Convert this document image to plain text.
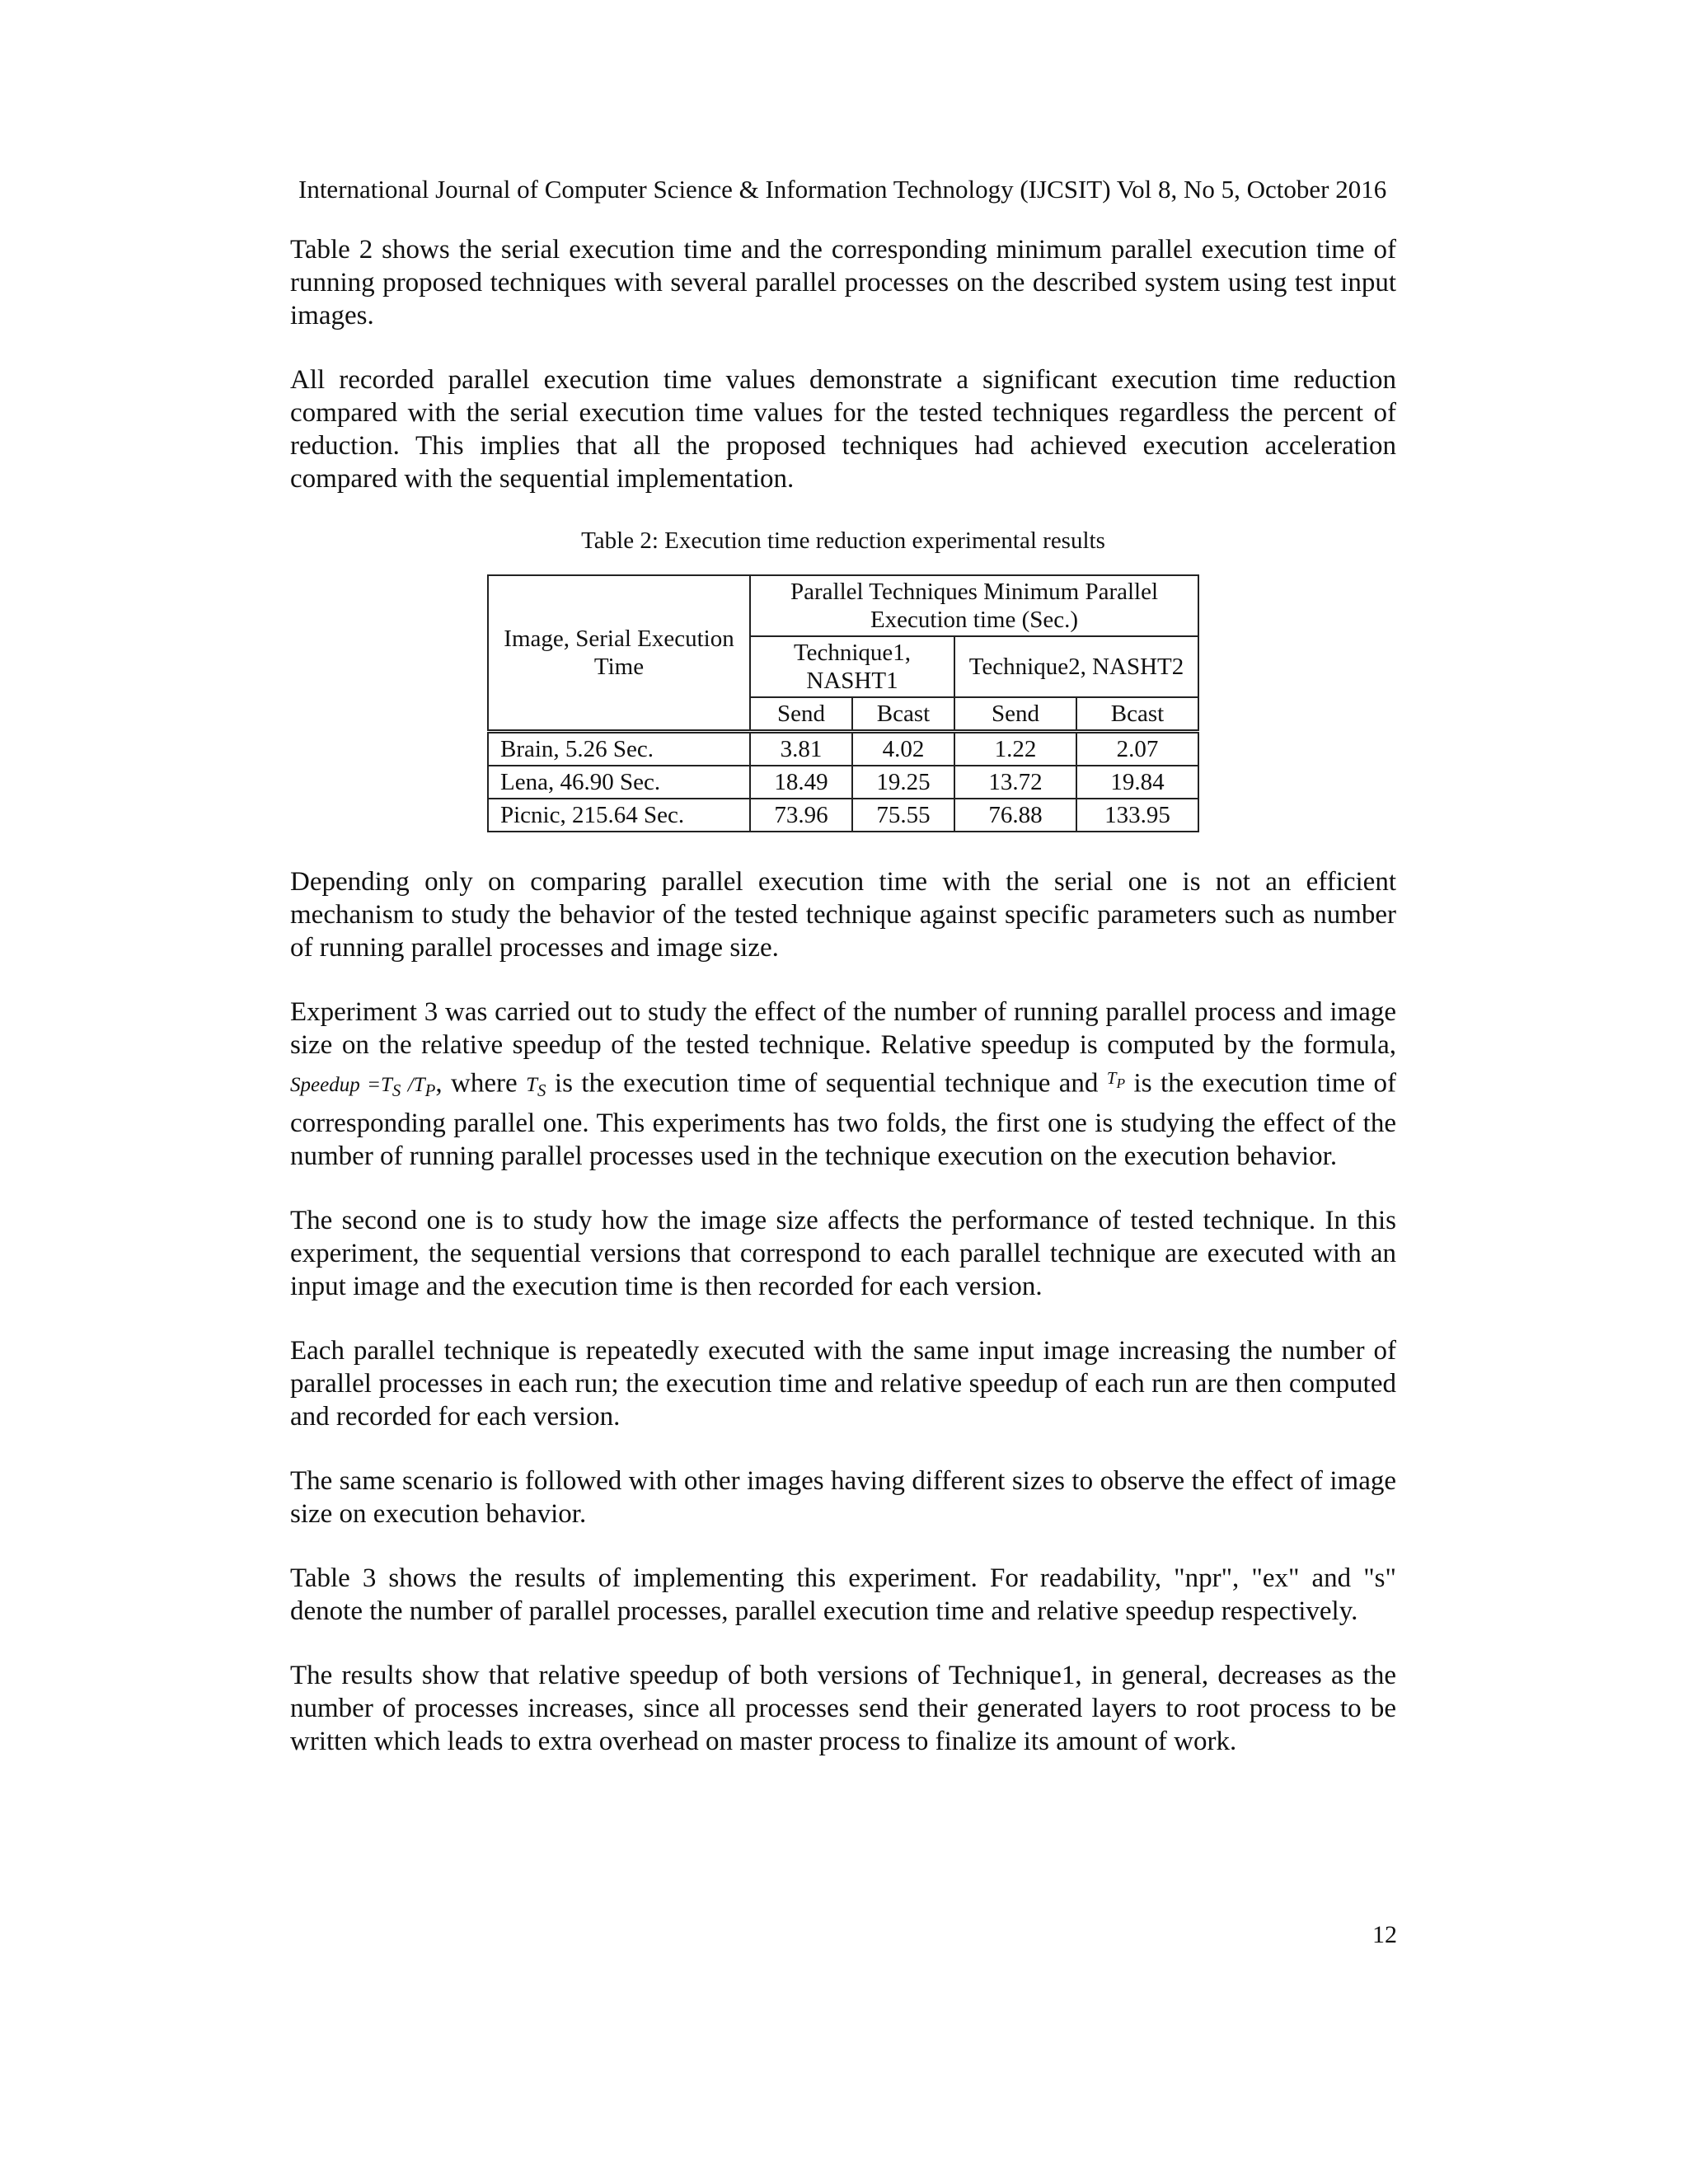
International Journal of Computer Science & Information Technology (IJCSIT) Vol 8, No 5, October 2016

Table 2 shows the serial execution time and the corresponding minimum parallel execution time of running proposed techniques with several parallel processes on the described system using test input images.

All recorded parallel execution time values demonstrate a significant execution time reduction compared with the serial execution time values for the tested techniques regardless the percent of reduction. This implies that all the proposed techniques had achieved execution acceleration compared with the sequential implementation.

Table 2: Execution time reduction experimental results
Image, Serial Execution Time	Parallel Techniques Minimum Parallel Execution time (Sec.)			
	Technique1, NASHT1		Technique2, NASHT2	
	Send	Bcast	Send	Bcast
Brain, 5.26 Sec.	3.81	4.02	1.22	2.07
Lena, 46.90 Sec.	18.49	19.25	13.72	19.84
Picnic, 215.64 Sec.	73.96	75.55	76.88	133.95

Depending only on comparing parallel execution time with the serial one is not an efficient mechanism to study the behavior of the tested technique against specific parameters such as number of running parallel processes and image size.

Experiment 3 was carried out to study the effect of the number of running parallel process and image size on the relative speedup of the tested technique. Relative speedup is computed by the formula, Speedup $=T_S$ $/T_P$, where $T_S$ is the execution time of sequential technique and $^{T_P}$ is the execution time of corresponding parallel one. This experiments has two folds, the first one is studying the effect of the number of running parallel processes used in the technique execution on the execution behavior.

The second one is to study how the image size affects the performance of tested technique. In this experiment, the sequential versions that correspond to each parallel technique are executed with an input image and the execution time is then recorded for each version.

Each parallel technique is repeatedly executed with the same input image increasing the number of parallel processes in each run; the execution time and relative speedup of each run are then computed and recorded for each version.

The same scenario is followed with other images having different sizes to observe the effect of image size on execution behavior.

Table 3 shows the results of implementing this experiment. For readability, "npr", "ex" and "s" denote the number of parallel processes, parallel execution time and relative speedup respectively.

The results show that relative speedup of both versions of Technique1, in general, decreases as the number of processes increases, since all processes send their generated layers to root process to be written which leads to extra overhead on master process to finalize its amount of work.

12
